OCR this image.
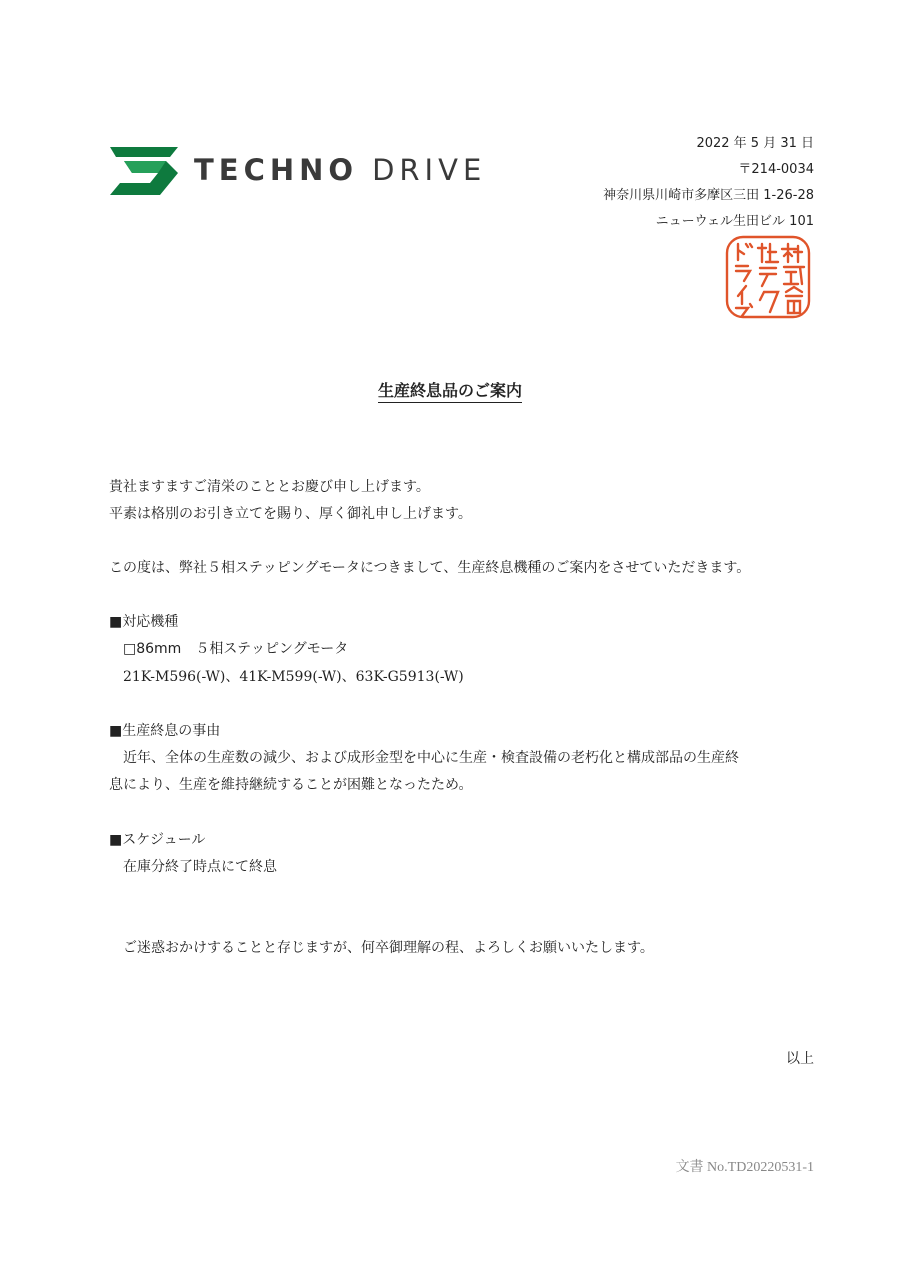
TECHNO DRIVE
2022 年 5 月 31 日
〒214-0034
神奈川県川崎市多摩区三田 1-26-28
ニューウェル生田ビル 101
生産終息品のご案内
貴社ますますご清栄のこととお慶び申し上げます。
平素は格別のお引き立てを賜り、厚く御礼申し上げます。
この度は、弊社５相ステッピングモータにつきまして、生産終息機種のご案内をさせていただきます。
■対応機種
□86mm　５相ステッピングモータ
21K-M596(-W)、41K-M599(-W)、63K-G5913(-W)
■生産終息の事由
近年、全体の生産数の減少、および成形金型を中心に生産・検査設備の老朽化と構成部品の生産終
息により、生産を維持継続することが困難となったため。
■スケジュール
在庫分終了時点にて終息
ご迷惑おかけすることと存じますが、何卒御理解の程、よろしくお願いいたします。
以上
文書 No.TD20220531-1
